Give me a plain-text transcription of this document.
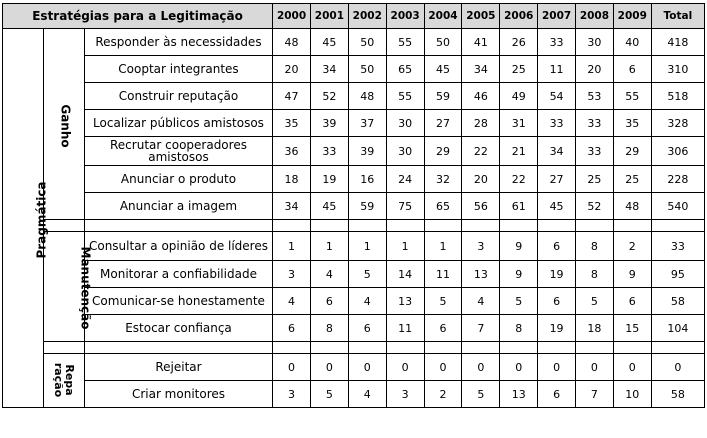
Estratégias para a Legitimação			2000	2001	2002	2003	2004	2005	2006	2007	2008	2009	Total
Pragmática	Ganho	Responder às necessidades	48	45	50	55	50	41	26	33	30	40	418
		Cooptar integrantes	20	34	50	65	45	34	25	11	20	6	310
		Construir reputação	47	52	48	55	59	46	49	54	53	55	518
		Localizar públicos amistosos	35	39	37	30	27	28	31	33	33	35	328
		Recrutar cooperadores amistosos	36	33	39	30	29	22	21	34	33	29	306
		Anunciar o produto	18	19	16	24	32	20	22	27	25	25	228
		Anunciar a imagem	34	45	59	75	65	56	61	45	52	48	540

	Manutenção	Consultar a opinião de líderes	1	1	1	1	1	3	9	6	8	2	33
		Monitorar a confiabilidade	3	4	5	14	11	13	9	19	8	9	95
		Comunicar-se honestamente	4	6	4	13	5	4	5	6	5	6	58
		Estocar confiança	6	8	6	11	6	7	8	19	18	15	104

	Repa ração	Rejeitar	0	0	0	0	0	0	0	0	0	0	0
		Criar monitores	3	5	4	3	2	5	13	6	7	10	58
